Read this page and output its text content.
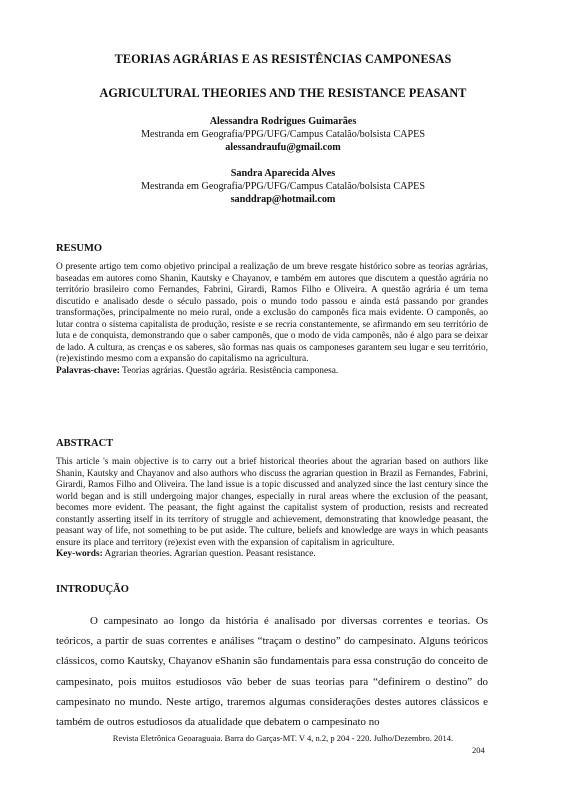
TEORIAS AGRÁRIAS E AS RESISTÊNCIAS CAMPONESAS
AGRICULTURAL THEORIES AND THE RESISTANCE PEASANT
Alessandra Rodrigues Guimarães
Mestranda em Geografia/PPG/UFG/Campus Catalão/bolsista CAPES
alessandraufu@gmail.com
Sandra Aparecida Alves
Mestranda em Geografia/PPG/UFG/Campus Catalão/bolsista CAPES
sanddrap@hotmail.com
RESUMO
O presente artigo tem como objetivo principal a realização de um breve resgate histórico sobre as teorias agrárias, baseadas em autores como Shanin, Kautsky e Chayanov, e também em autores que discutem a questão agrária no território brasileiro como Fernandes, Fabrini, Girardi, Ramos Filho e Oliveira. A questão agrária é um tema discutido e analisado desde o século passado, pois o mundo todo passou e ainda está passando por grandes transformações, principalmente no meio rural, onde a exclusão do camponês fica mais evidente. O camponês, ao lutar contra o sistema capitalista de produção, resiste e se recria constantemente, se afirmando em seu território de luta e de conquista, demonstrando que o saber camponês, que o modo de vida camponês, não é algo para se deixar de lado. A cultura, as crenças e os saberes, são formas nas quais os camponeses garantem seu lugar e seu território, (re)existindo mesmo com a expansão do capitalismo na agricultura.
Palavras-chave: Teorias agrárias. Questão agrária. Resistência camponesa.
ABSTRACT
This article 's main objective is to carry out a brief historical theories about the agrarian based on authors like Shanin, Kautsky and Chayanov and also authors who discuss the agrarian question in Brazil as Fernandes, Fabrini, Girardi, Ramos Filho and Oliveira. The land issue is a topic discussed and analyzed since the last century since the world began and is still undergoing major changes, especially in rural areas where the exclusion of the peasant, becomes more evident. The peasant, the fight against the capitalist system of production, resists and recreated constantly asserting itself in its territory of struggle and achievement, demonstrating that knowledge peasant, the peasant way of life, not something to be put aside. The culture, beliefs and knowledge are ways in which peasants ensure its place and territory (re)exist even with the expansion of capitalism in agriculture.
Key-words: Agrarian theories. Agrarian question. Peasant resistance.
INTRODUÇÃO
O campesinato ao longo da história é analisado por diversas correntes e teorias. Os teóricos, a partir de suas correntes e análises “traçam o destino” do campesinato. Alguns teóricos clássicos, como Kautsky, Chayanov eShanin são fundamentais para essa construção do conceito de campesinato, pois muitos estudiosos vão beber de suas teorias para “definirem o destino” do campesinato no mundo. Neste artigo, traremos algumas considerações destes autores clássicos e também de outros estudiosos da atualidade que debatem o campesinato no
Revista Eletrônica Geoaraguaia. Barra do Garças-MT. V 4, n.2, p 204 - 220. Julho/Dezembro. 2014.
204
